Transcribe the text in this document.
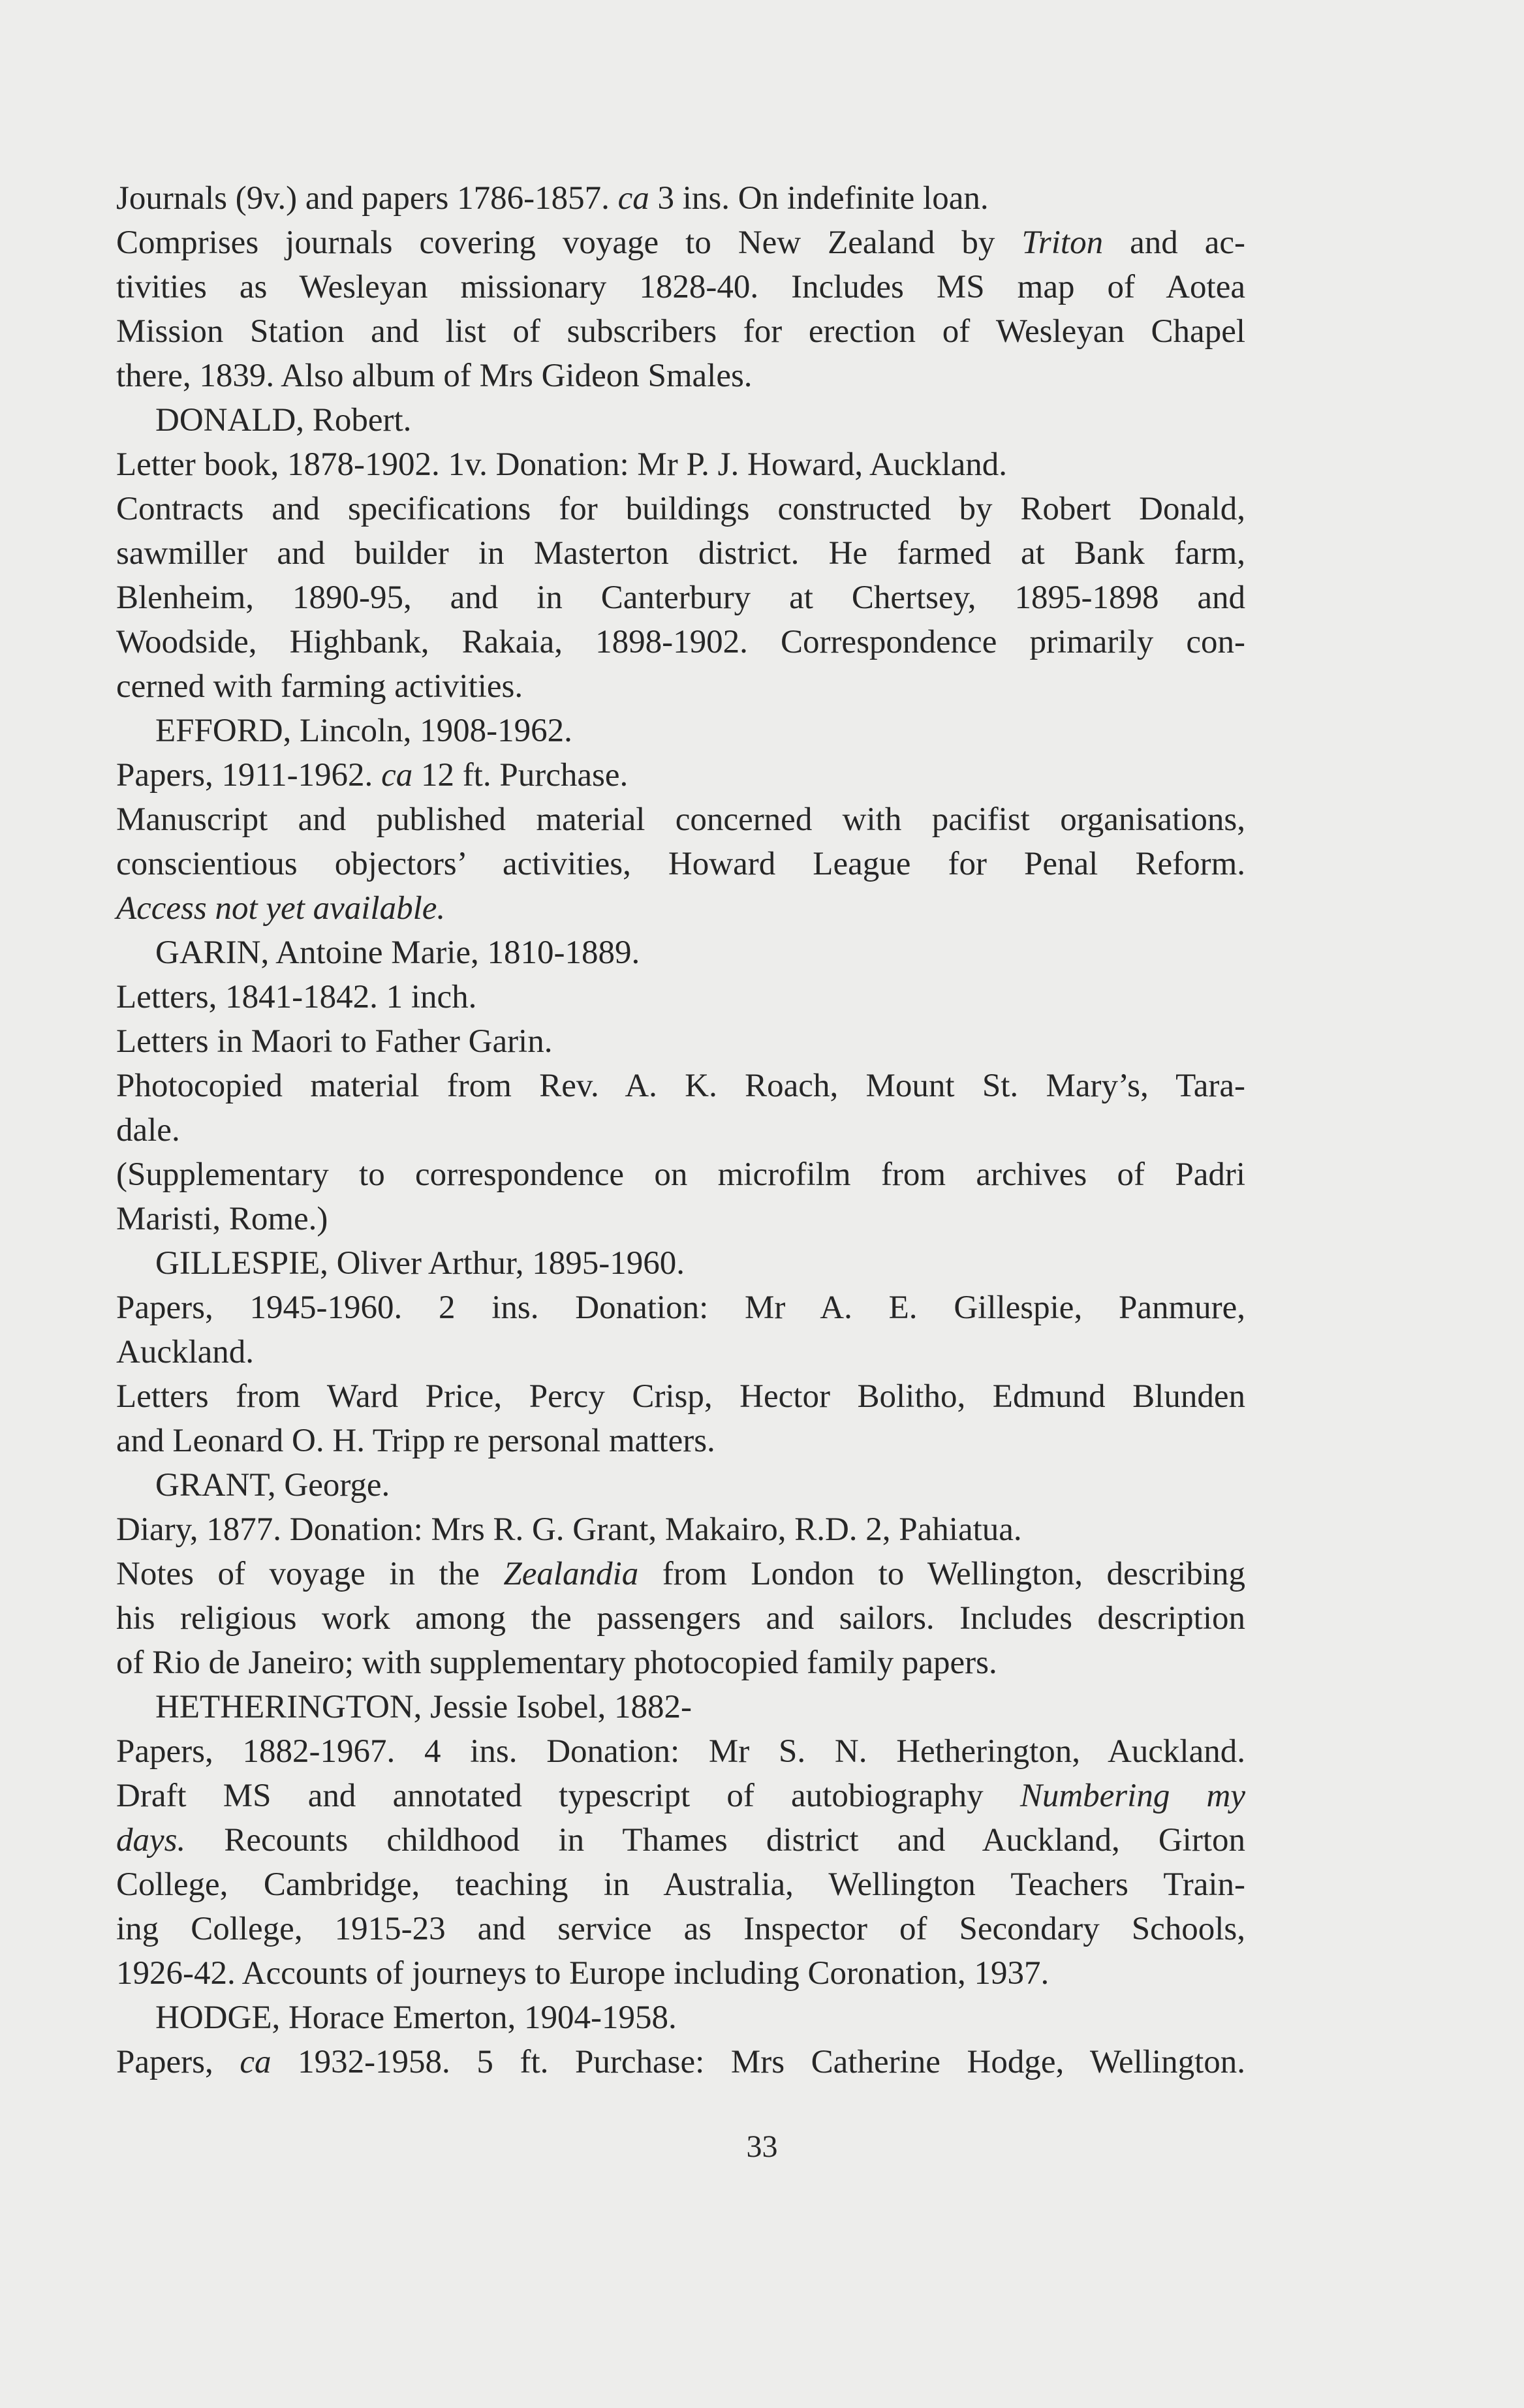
Journals (9v.) and papers 1786-1857. ca 3 ins. On indefinite loan.
Comprises journals covering voyage to New Zealand by Triton and ac-
tivities as Wesleyan missionary 1828-40. Includes MS map of Aotea
Mission Station and list of subscribers for erection of Wesleyan Chapel
there, 1839. Also album of Mrs Gideon Smales.
DONALD, Robert.
Letter book, 1878-1902. 1v. Donation: Mr P. J. Howard, Auckland.
Contracts and specifications for buildings constructed by Robert Donald,
sawmiller and builder in Masterton district. He farmed at Bank farm,
Blenheim, 1890-95, and in Canterbury at Chertsey, 1895-1898 and
Woodside, Highbank, Rakaia, 1898-1902. Correspondence primarily con-
cerned with farming activities.
EFFORD, Lincoln, 1908-1962.
Papers, 1911-1962. ca 12 ft. Purchase.
Manuscript and published material concerned with pacifist organisations,
conscientious objectors’ activities, Howard League for Penal Reform.
Access not yet available.
GARIN, Antoine Marie, 1810-1889.
Letters, 1841-1842. 1 inch.
Letters in Maori to Father Garin.
Photocopied material from Rev. A. K. Roach, Mount St. Mary’s, Tara-
dale.
(Supplementary to correspondence on microfilm from archives of Padri
Maristi, Rome.)
GILLESPIE, Oliver Arthur, 1895-1960.
Papers, 1945-1960. 2 ins. Donation: Mr A. E. Gillespie, Panmure,
Auckland.
Letters from Ward Price, Percy Crisp, Hector Bolitho, Edmund Blunden
and Leonard O. H. Tripp re personal matters.
GRANT, George.
Diary, 1877. Donation: Mrs R. G. Grant, Makairo, R.D. 2, Pahiatua.
Notes of voyage in the Zealandia from London to Wellington, describing
his religious work among the passengers and sailors. Includes description
of Rio de Janeiro; with supplementary photocopied family papers.
HETHERINGTON, Jessie Isobel, 1882-
Papers, 1882-1967. 4 ins. Donation: Mr S. N. Hetherington, Auckland.
Draft MS and annotated typescript of autobiography Numbering my
days. Recounts childhood in Thames district and Auckland, Girton
College, Cambridge, teaching in Australia, Wellington Teachers Train-
ing College, 1915-23 and service as Inspector of Secondary Schools,
1926-42. Accounts of journeys to Europe including Coronation, 1937.
HODGE, Horace Emerton, 1904-1958.
Papers, ca 1932-1958. 5 ft. Purchase: Mrs Catherine Hodge, Wellington.
33
